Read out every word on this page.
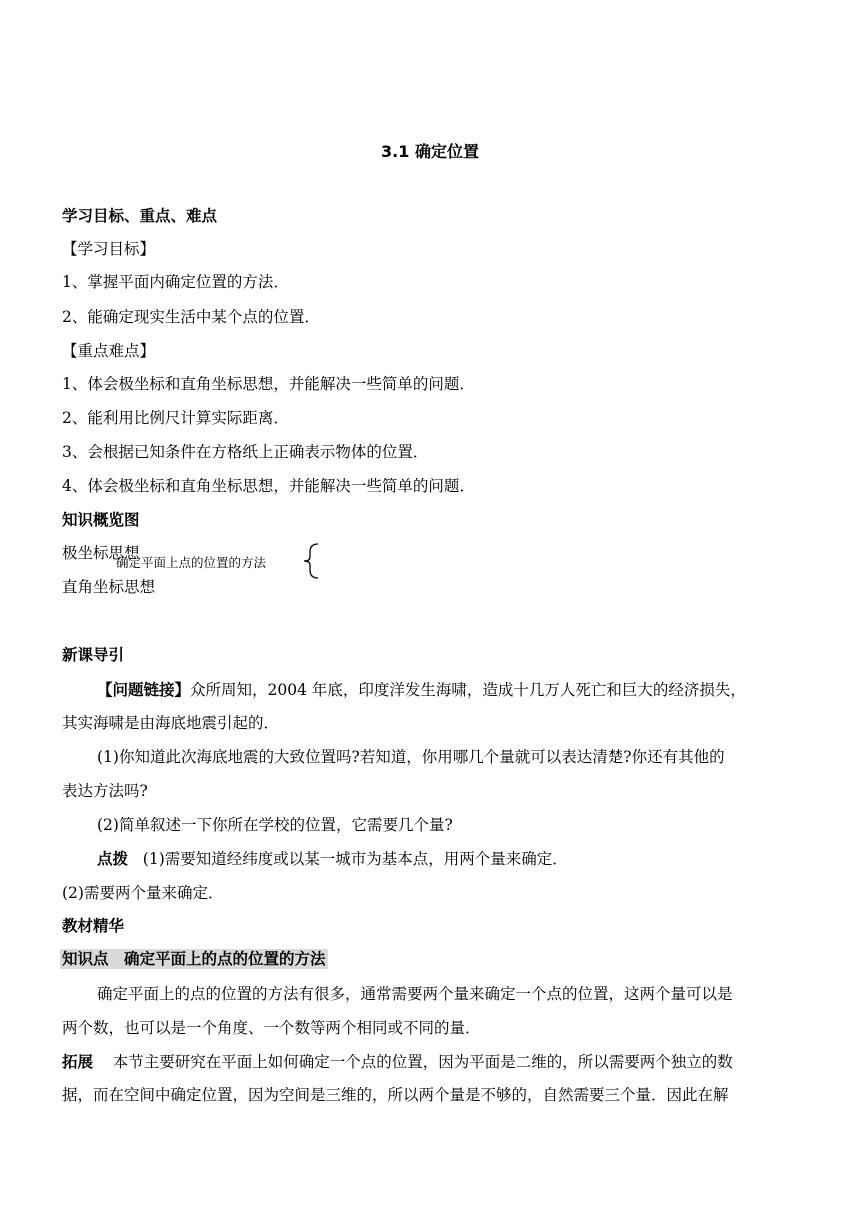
3.1 确定位置
学习目标、重点、难点
【学习目标】
1、掌握平面内确定位置的方法．
2、能确定现实生活中某个点的位置．
【重点难点】
1、体会极坐标和直角坐标思想，并能解决一些简单的问题．
2、能利用比例尺计算实际距离．
3、会根据已知条件在方格纸上正确表示物体的位置．
4、体会极坐标和直角坐标思想，并能解决一些简单的问题．
知识概览图
极坐标思想
确定平面上点的位置的方法
直角坐标思想
新课导引
【问题链接】众所周知，2004 年底，印度洋发生海啸，造成十几万人死亡和巨大的经济损失，
其实海啸是由海底地震引起的．
(1)你知道此次海底地震的大致位置吗?若知道，你用哪几个量就可以表达清楚?你还有其他的
表达方法吗?
(2)简单叙述一下你所在学校的位置，它需要几个量?
点拨 (1)需要知道经纬度或以某一城市为基本点，用两个量来确定．
(2)需要两个量来确定．
教材精华
知识点　确定平面上的点的位置的方法
确定平面上的点的位置的方法有很多，通常需要两个量来确定一个点的位置，这两个量可以是
两个数，也可以是一个角度、一个数等两个相同或不同的量．
拓展 本节主要研究在平面上如何确定一个点的位置，因为平面是二维的，所以需要两个独立的数
据，而在空间中确定位置，因为空间是三维的，所以两个量是不够的，自然需要三个量．因此在解
